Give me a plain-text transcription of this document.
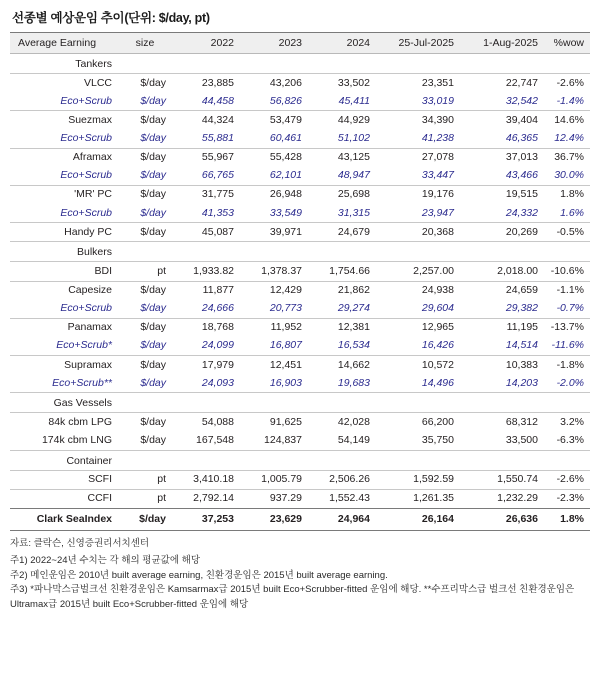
선종별 예상운임 추이(단위: $/day, pt)
Average Earning	size	2022	2023	2024	25-Jul-2025	1-Aug-2025	%wow
Tankers							
VLCC	$/day	23,885	43,206	33,502	23,351	22,747	-2.6%
Eco+Scrub	$/day	44,458	56,826	45,411	33,019	32,542	-1.4%
Suezmax	$/day	44,324	53,479	44,929	34,390	39,404	14.6%
Eco+Scrub	$/day	55,881	60,461	51,102	41,238	46,365	12.4%
Aframax	$/day	55,967	55,428	43,125	27,078	37,013	36.7%
Eco+Scrub	$/day	66,765	62,101	48,947	33,447	43,466	30.0%
'MR' PC	$/day	31,775	26,948	25,698	19,176	19,515	1.8%
Eco+Scrub	$/day	41,353	33,549	31,315	23,947	24,332	1.6%
Handy PC	$/day	45,087	39,971	24,679	20,368	20,269	-0.5%
Bulkers							
BDI	pt	1,933.82	1,378.37	1,754.66	2,257.00	2,018.00	-10.6%
Capesize	$/day	11,877	12,429	21,862	24,938	24,659	-1.1%
Eco+Scrub	$/day	24,666	20,773	29,274	29,604	29,382	-0.7%
Panamax	$/day	18,768	11,952	12,381	12,965	11,195	-13.7%
Eco+Scrub*	$/day	24,099	16,807	16,534	16,426	14,514	-11.6%
Supramax	$/day	17,979	12,451	14,662	10,572	10,383	-1.8%
Eco+Scrub**	$/day	24,093	16,903	19,683	14,496	14,203	-2.0%
Gas Vessels							
84k cbm LPG	$/day	54,088	91,625	42,028	66,200	68,312	3.2%
174k cbm LNG	$/day	167,548	124,837	54,149	35,750	33,500	-6.3%
Container							
SCFI	pt	3,410.18	1,005.79	2,506.26	1,592.59	1,550.74	-2.6%
CCFI	pt	2,792.14	937.29	1,552.43	1,261.35	1,232.29	-2.3%
Clark SeaIndex	$/day	37,253	23,629	24,964	26,164	26,636	1.8%
자료: 클락슨, 신영증권리서치센터
주1) 2022~24년 수치는 각 해의 평균값에 해당
주2) 메인운임은 2010년 built average earning, 친환경운임은 2015년 built average earning.
주3) *파나막스급벌크선 친환경운임은 Kamsarmax급 2015년 built Eco+Scrubber-fitted 운임에 해당. **수프리막스급 벌크선 친환경운임은 Ultramax급 2015년 built Eco+Scrubber-fitted 운임에 해당
